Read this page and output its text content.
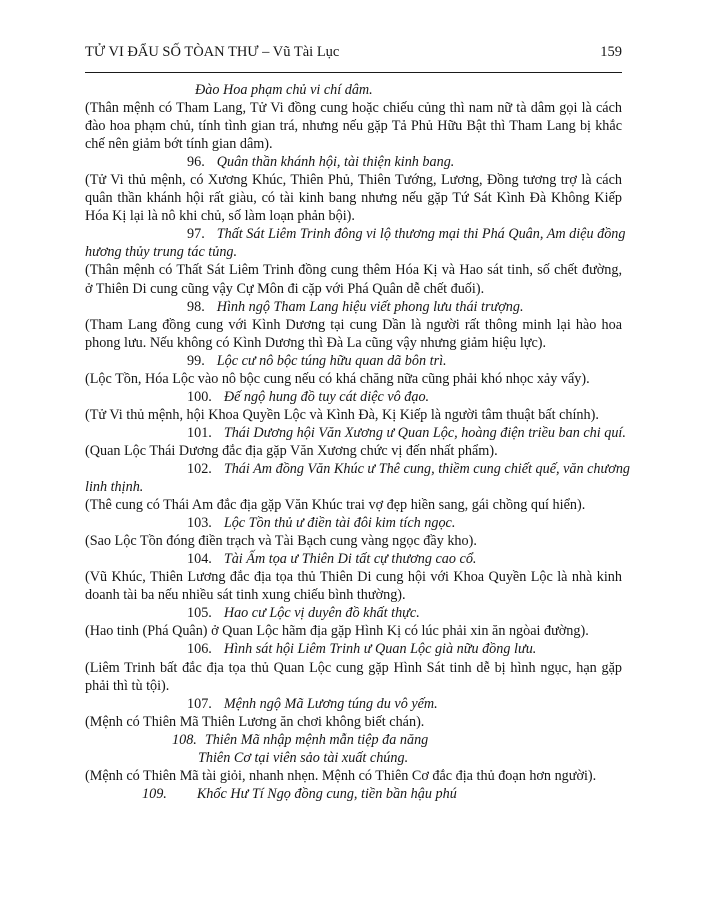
TỬ VI ĐẨU SỐ TÒAN THƯ – Vũ Tài Lục	159
Đào Hoa phạm chủ vi chí dâm.
(Thân mệnh có Tham Lang, Tử Vi đồng cung hoặc chiếu củng thì nam nữ tà dâm gọi là cách
đào hoa phạm chủ, tính tình gian trá, nhưng nếu gặp Tả Phủ Hữu Bật thì Tham Lang bị khắc
chế nên giảm bớt tính gian dâm).
96. Quân thần khánh hội, tài thiện kinh bang.
(Tử Vi thủ mệnh, có Xương Khúc, Thiên Phủ, Thiên Tướng, Lương, Đồng tương trợ là cách
quân thần khánh hội rất giàu, có tài kinh bang nhưng nếu gặp Tứ Sát Kình Đà Không Kiếp
Hóa Kị lại là nô khi chủ, số làm loạn phản bội).
97. Thất Sát Liêm Trinh đông vi lộ thương mại thi Phá Quân, Am diệu đồng
hương thủy trung tác tủng.
(Thân mệnh có Thất Sát Liêm Trinh đồng cung thêm Hóa Kị và Hao sát tinh, số chết đường,
ở Thiên Di cung cũng vậy Cự Môn đi cặp với Phá Quân dễ chết đuối).
98. Hình ngộ Tham Lang hiệu viết phong lưu thái trượng.
(Tham Lang đồng cung với Kình Dương tại cung Dần là người rất thông minh lại hào hoa
phong lưu. Nếu không có Kình Dương thì Đà La cũng vậy nhưng giảm hiệu lực).
99. Lộc cư nô bộc túng hữu quan dã bôn trì.
(Lộc Tồn, Hóa Lộc vào nô bộc cung nếu có khá chăng nữa cũng phải khó nhọc xảy vẩy).
100. Đế ngộ hung đồ tuy cát diệc vô đạo.
(Tử Vi thủ mệnh, hội Khoa Quyền Lộc và Kình Đà, Kị Kiếp là người tâm thuật bất chính).
101. Thái Dương hội Văn Xương ư Quan Lộc, hoàng điện triều ban chi quí.
(Quan Lộc Thái Dương đắc địa gặp Văn Xương chức vị đến nhất phẩm).
102. Thái Am đồng Văn Khúc ư Thê cung, thiềm cung chiết quế, văn chương
linh thịnh.
(Thê cung có Thái Am đắc địa gặp Văn Khúc trai vợ đẹp hiền sang, gái chồng quí hiển).
103. Lộc Tồn thủ ư điền tài đôi kim tích ngọc.
(Sao Lộc Tồn đóng điền trạch và Tài Bạch cung vàng ngọc đầy kho).
104. Tài Ấm tọa ư Thiên Di tất cự thương cao cổ.
(Vũ Khúc, Thiên Lương đắc địa tọa thủ Thiên Di cung hội với Khoa Quyền Lộc là nhà kinh
doanh tài ba nếu nhiều sát tinh xung chiếu bình thường).
105. Hao cư Lộc vị duyên đồ khất thực.
(Hao tinh (Phá Quân) ở Quan Lộc hãm địa gặp Hình Kị có lúc phải xin ăn ngòai đường).
106. Hình sát hội Liêm Trinh ư Quan Lộc già nữu đồng lưu.
(Liêm Trinh bất đắc địa tọa thủ Quan Lộc cung gặp Hình Sát tinh dễ bị hình ngục, hạn gặp
phải thì tù tội).
107. Mệnh ngộ Mã Lương túng du vô yếm.
(Mệnh có Thiên Mã Thiên Lương ăn chơi không biết chán).
108. Thiên Mã nhập mệnh mẫn tiệp đa năng
Thiên Cơ tại viên sảo tài xuất chúng.
(Mệnh có Thiên Mã tài giỏi, nhanh nhẹn. Mệnh có Thiên Cơ đắc địa thủ đoạn hơn người).
109. Khốc Hư Tí Ngọ đồng cung, tiền bần hậu phú
